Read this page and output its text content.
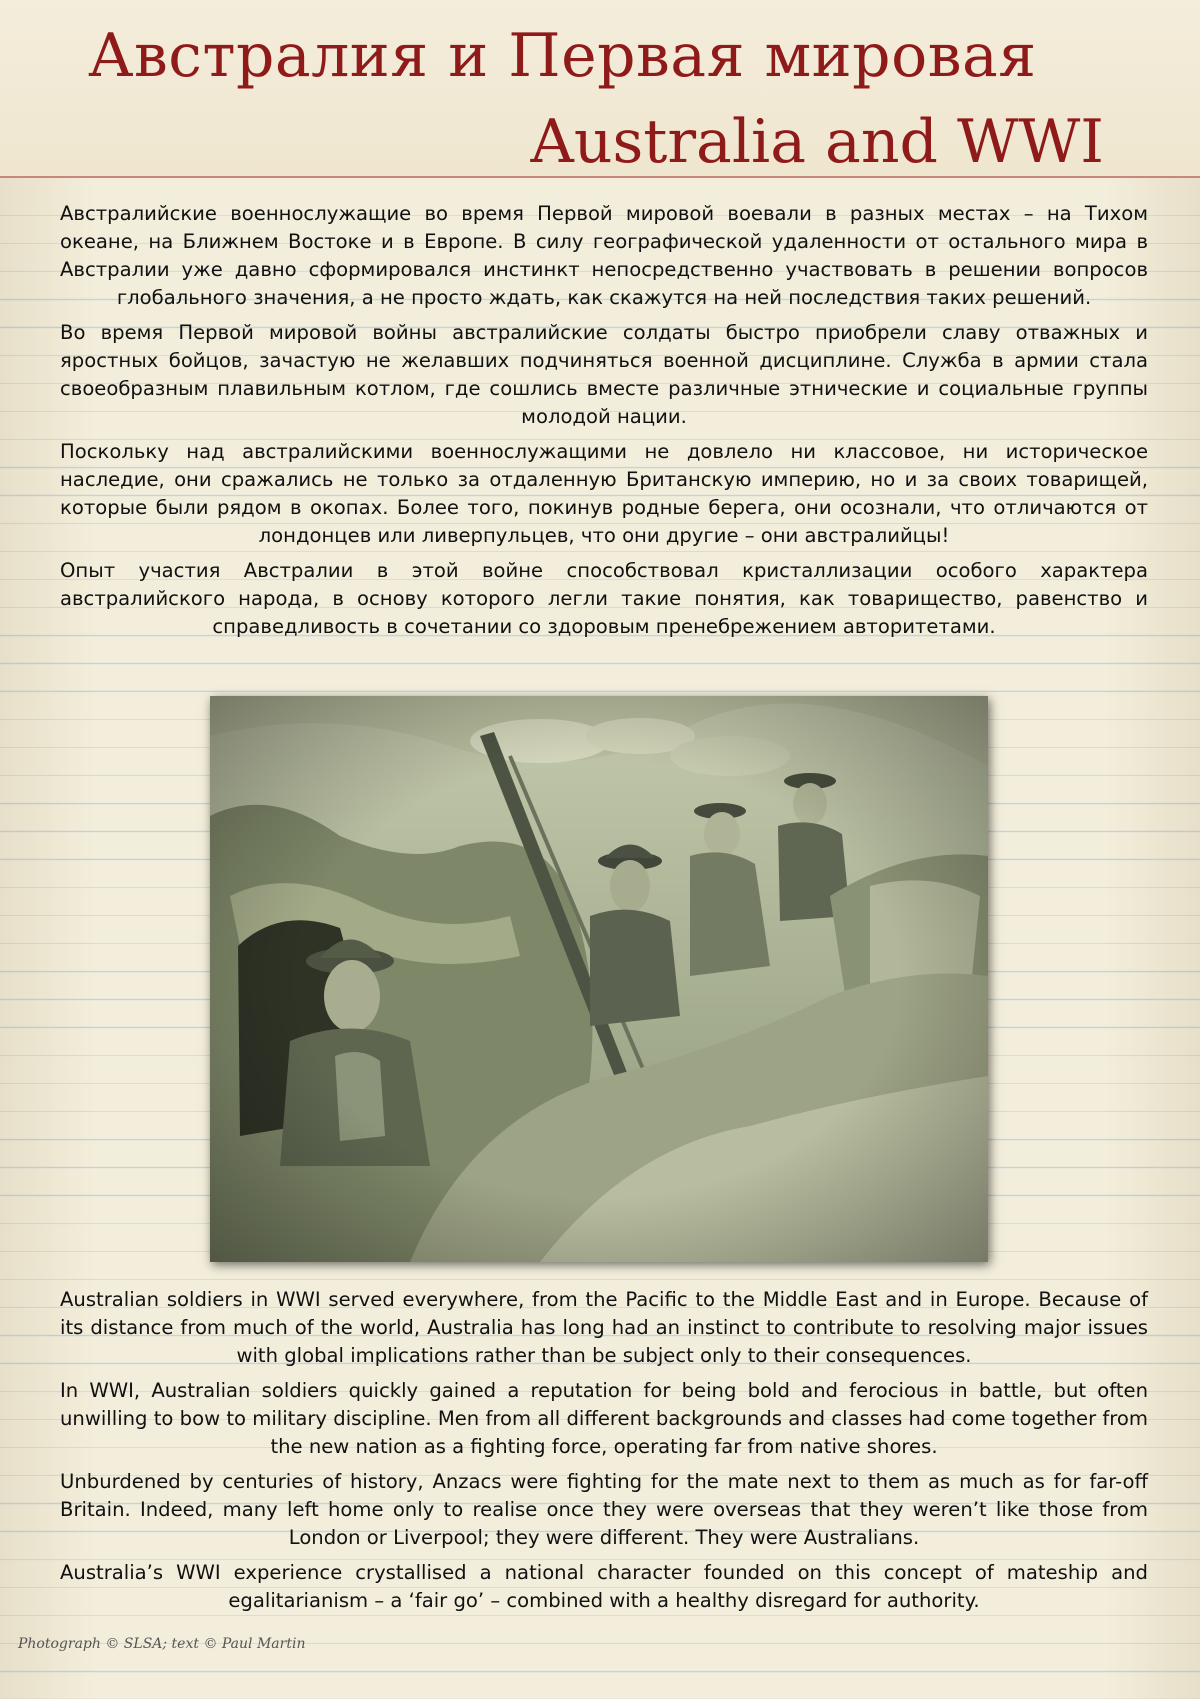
Австралия и Первая мировая
Australia and WWI

Австралийские военнослужащие во время Первой мировой воевали в разных местах – на Тихом океане, на Ближнем Востоке и в Европе. В силу географической удаленности от остального мира в Австралии уже давно сформировался инстинкт непосредственно участвовать в решении вопросов глобального значения, а не просто ждать, как скажутся на ней последствия таких решений.

Во время Первой мировой войны австралийские солдаты быстро приобрели славу отважных и яростных бойцов, зачастую не желавших подчиняться военной дисциплине. Служба в армии стала своеобразным плавильным котлом, где сошлись вместе различные этнические и социальные группы молодой нации.

Поскольку над австралийскими военнослужащими не довлело ни классовое, ни историческое наследие, они сражались не только за отдаленную Британскую империю, но и за своих товарищей, которые были рядом в окопах. Более того, покинув родные берега, они осознали, что отличаются от лондонцев или ливерпульцев, что они другие – они австралийцы!

Опыт участия Австралии в этой войне способствовал кристаллизации особого характера австралийского народа, в основу которого легли такие понятия, как товарищество, равенство и справедливость в сочетании со здоровым пренебрежением авторитетами.

Australian soldiers in WWI served everywhere, from the Pacific to the Middle East and in Europe. Because of its distance from much of the world, Australia has long had an instinct to contribute to resolving major issues with global implications rather than be subject only to their consequences.

In WWI, Australian soldiers quickly gained a reputation for being bold and ferocious in battle, but often unwilling to bow to military discipline. Men from all different backgrounds and classes had come together from the new nation as a fighting force, operating far from native shores.

Unburdened by centuries of history, Anzacs were fighting for the mate next to them as much as for far-off Britain. Indeed, many left home only to realise once they were overseas that they weren’t like those from London or Liverpool; they were different. They were Australians.

Australia’s WWI experience crystallised a national character founded on this concept of mateship and egalitarianism – a ‘fair go’ – combined with a healthy disregard for authority.

Photograph © SLSA; text © Paul Martin
